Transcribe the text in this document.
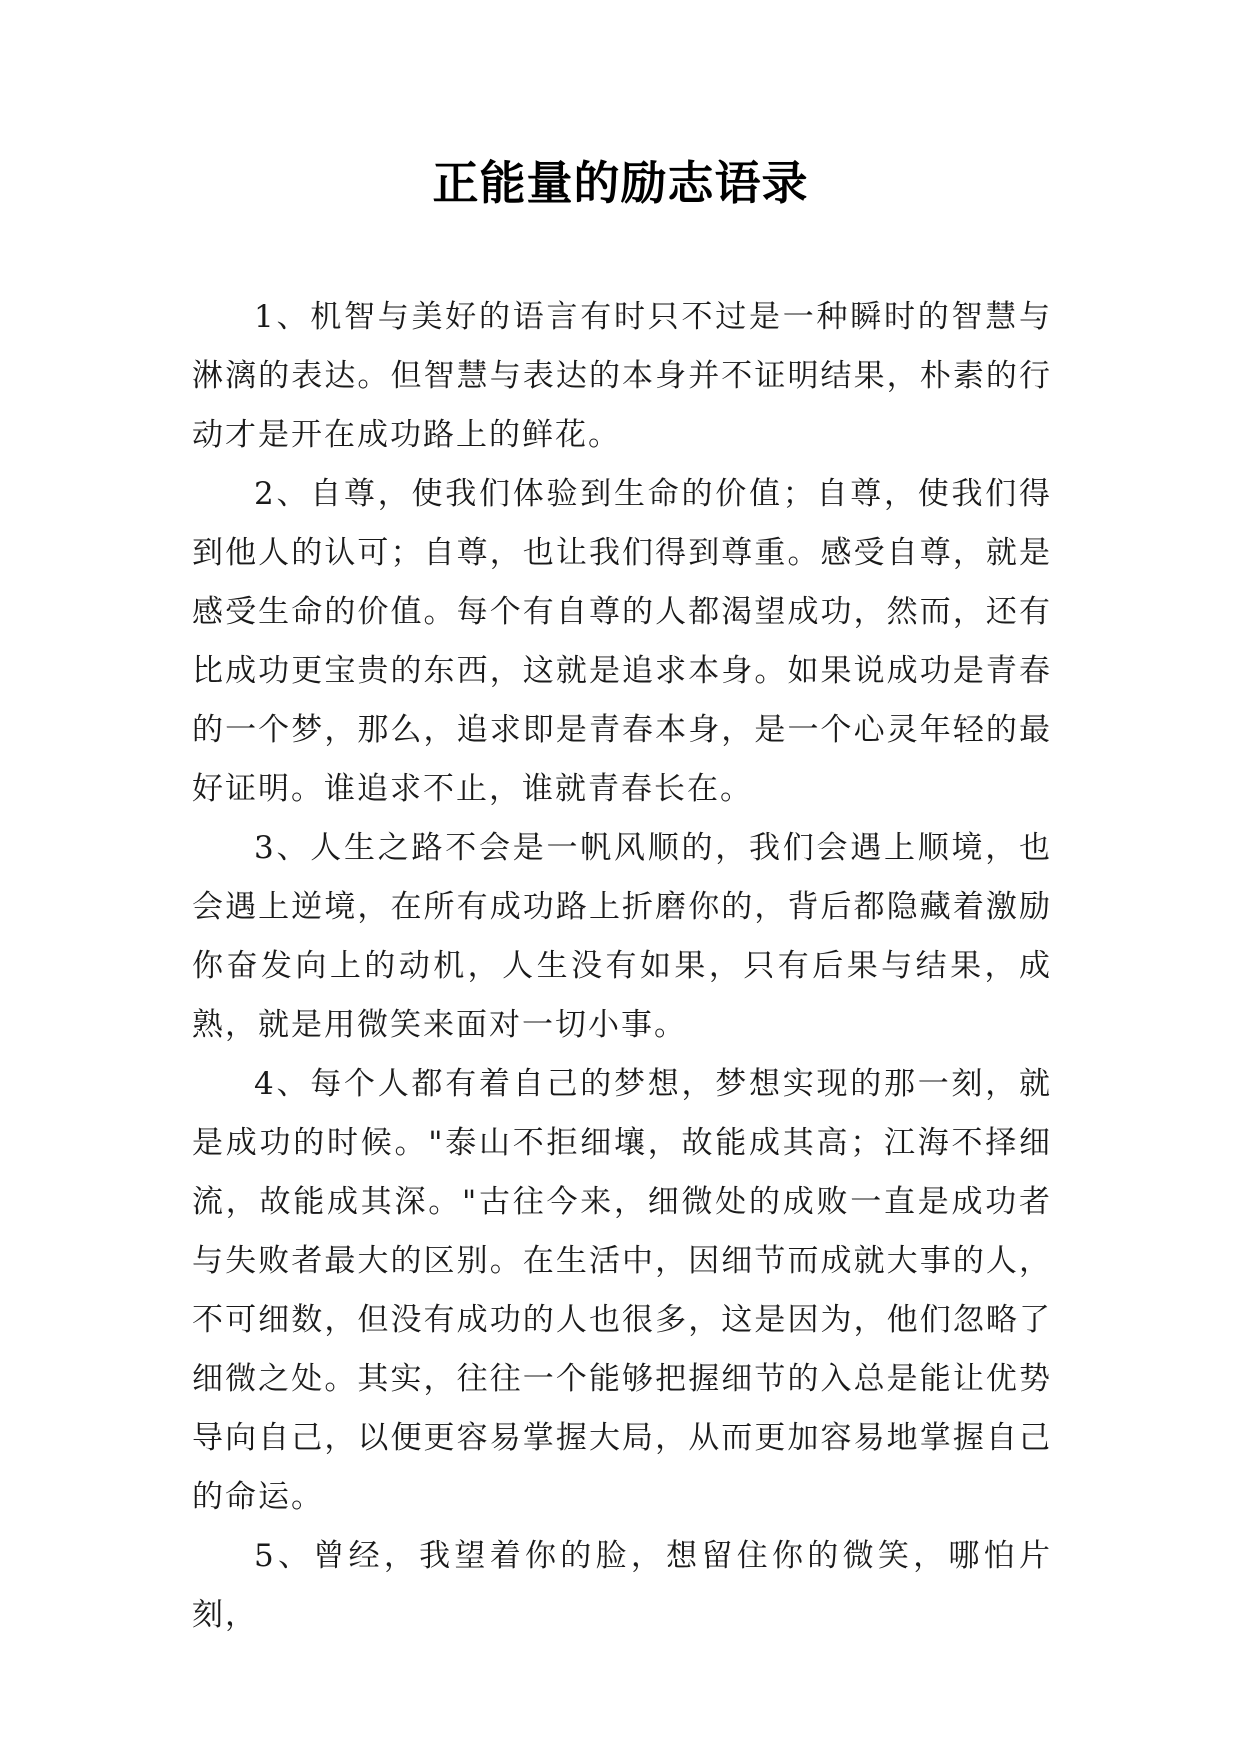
正能量的励志语录

1、机智与美好的语言有时只不过是一种瞬时的智慧与淋漓的表达。但智慧与表达的本身并不证明结果，朴素的行动才是开在成功路上的鲜花。

2、自尊，使我们体验到生命的价值；自尊，使我们得到他人的认可；自尊，也让我们得到尊重。感受自尊，就是感受生命的价值。每个有自尊的人都渴望成功，然而，还有比成功更宝贵的东西，这就是追求本身。如果说成功是青春的一个梦，那么，追求即是青春本身，是一个心灵年轻的最好证明。谁追求不止，谁就青春长在。

3、人生之路不会是一帆风顺的，我们会遇上顺境，也会遇上逆境，在所有成功路上折磨你的，背后都隐藏着激励你奋发向上的动机，人生没有如果，只有后果与结果，成熟，就是用微笑来面对一切小事。

4、每个人都有着自己的梦想，梦想实现的那一刻，就是成功的时候。"泰山不拒细壤，故能成其高；江海不择细流，故能成其深。"古往今来，细微处的成败一直是成功者与失败者最大的区别。在生活中，因细节而成就大事的人，不可细数，但没有成功的人也很多，这是因为，他们忽略了细微之处。其实，往往一个能够把握细节的入总是能让优势导向自己，以便更容易掌握大局，从而更加容易地掌握自己的命运。

5、曾经，我望着你的脸，想留住你的微笑，哪怕片刻，
